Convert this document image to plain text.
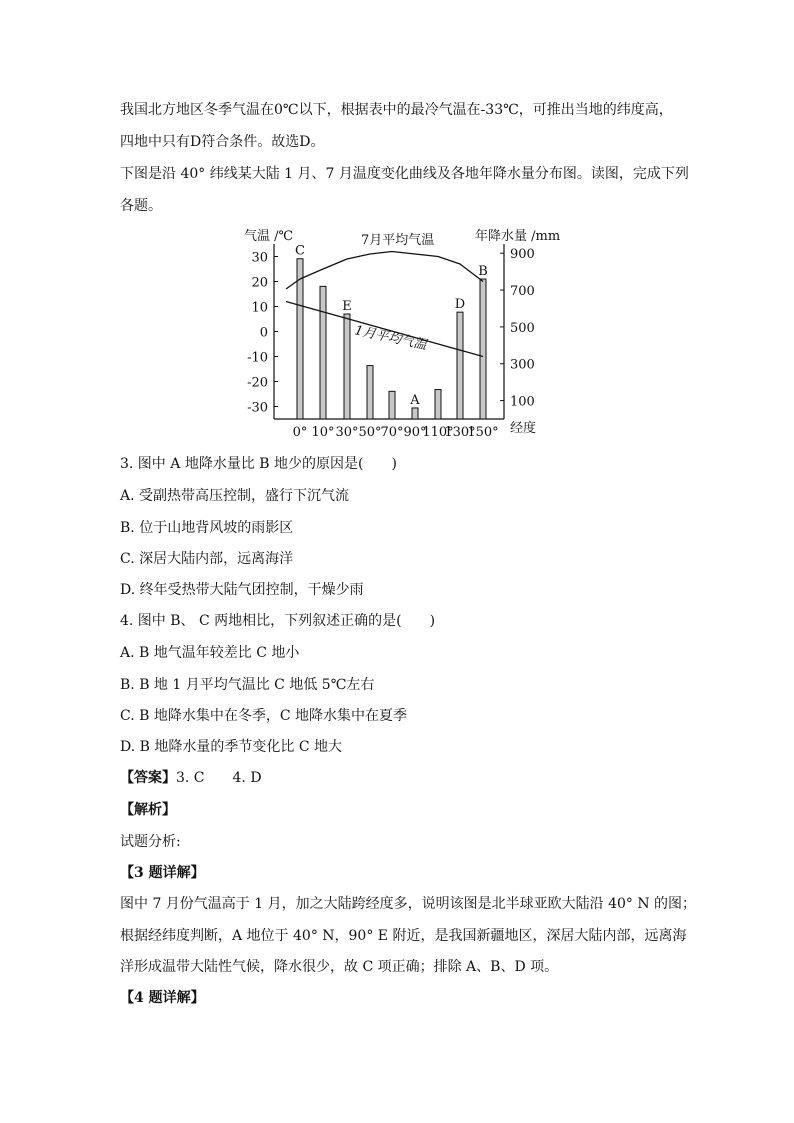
我国北方地区冬季气温在0℃以下，根据表中的最冷气温在-33℃，可推出当地的纬度高，
四地中只有D符合条件。故选D。
下图是沿 40° 纬线某大陆 1 月、7 月温度变化曲线及各地年降水量分布图。读图，完成下列
各题。
气温 /℃	年降水量 /mm
经度
30
20
10
0
-10
-20
-30
900
700
500
300
100
C
E
A
D
B
0° 10° 30° 50°
70° 90°
110°
130°
150°
7月平均气温
1月平均气温
3. 图中 A 地降水量比 B 地少的原因是(　　)
A. 受副热带高压控制，盛行下沉气流
B. 位于山地背风坡的雨影区
C. 深居大陆内部，远离海洋
D. 终年受热带大陆气团控制，干燥少雨
4. 图中 B、 C 两地相比，下列叙述正确的是(　　)
A. B 地气温年较差比 C 地小
B. B 地 1 月平均气温比 C 地低 5℃左右
C. B 地降水集中在冬季，C 地降水集中在夏季
D. B 地降水量的季节变化比 C 地大
【答案】3. C　　4. D
【解析】
试题分析:
【3 题详解】
图中 7 月份气温高于 1 月，加之大陆跨经度多，说明该图是北半球亚欧大陆沿 40° N 的图；
根据经纬度判断，A 地位于 40° N，90° E 附近，是我国新疆地区，深居大陆内部，远离海
洋形成温带大陆性气候，降水很少，故 C 项正确；排除 A、B、D 项。
【4 题详解】
